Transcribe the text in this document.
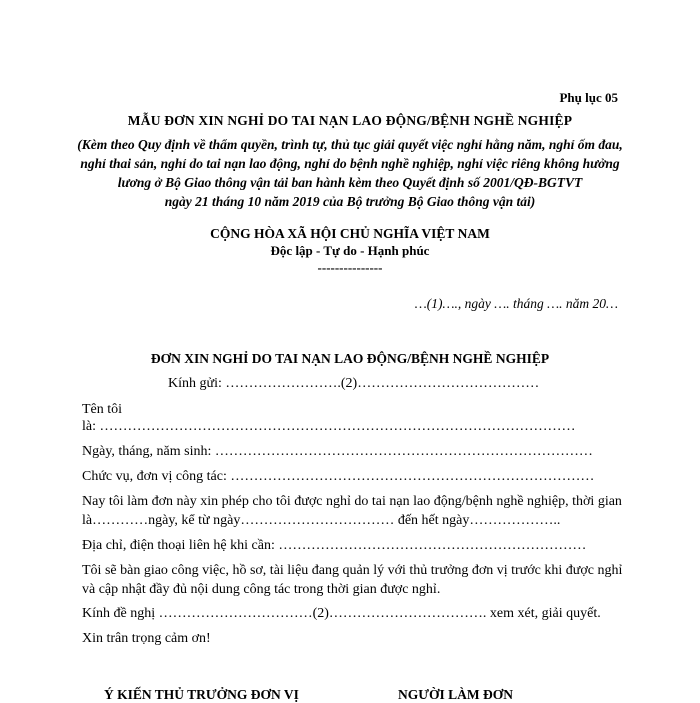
Phụ lục 05
MẪU ĐƠN XIN NGHỈ DO TAI NẠN LAO ĐỘNG/BỆNH NGHỀ NGHIỆP
(Kèm theo Quy định về thẩm quyền, trình tự, thủ tục giải quyết việc nghỉ hằng năm, nghỉ ốm đau,
nghỉ thai sản, nghỉ do tai nạn lao động, nghỉ do bệnh nghề nghiệp, nghỉ việc riêng không hưởng
lương ở Bộ Giao thông vận tải ban hành kèm theo Quyết định số 2001/QĐ-BGTVT
ngày 21 tháng 10 năm 2019 của Bộ trưởng Bộ Giao thông vận tải)
CỘNG HÒA XÃ HỘI CHỦ NGHĨA VIỆT NAM
Độc lập - Tự do - Hạnh phúc
---------------
…(1)…., ngày …. tháng …. năm 20…
ĐƠN XIN NGHỈ DO TAI NẠN LAO ĐỘNG/BỆNH NGHỀ NGHIỆP
Kính gửi: …………………….(2)…………………………………
Tên tôi
là: …………………………………………………………………………………………
Ngày, tháng, năm sinh: ………………………………………………………………………
Chức vụ, đơn vị công tác: ……………………………………………………………………
Nay tôi làm đơn này xin phép cho tôi được nghỉ do tai nạn lao động/bệnh nghề nghiệp, thời gian
là…………ngày, kể từ ngày…………………………… đến hết ngày………………..
Địa chỉ, điện thoại liên hệ khi cần: …………………………………………………………
Tôi sẽ bàn giao công việc, hồ sơ, tài liệu đang quản lý với thủ trưởng đơn vị trước khi được nghỉ
và cập nhật đầy đủ nội dung công tác trong thời gian được nghỉ.
Kính đề nghị ……………………………(2)……………………………. xem xét, giải quyết.
Xin trân trọng cảm ơn!
Ý KIẾN THỦ TRƯỞNG ĐƠN VỊ	NGƯỜI LÀM ĐƠN
